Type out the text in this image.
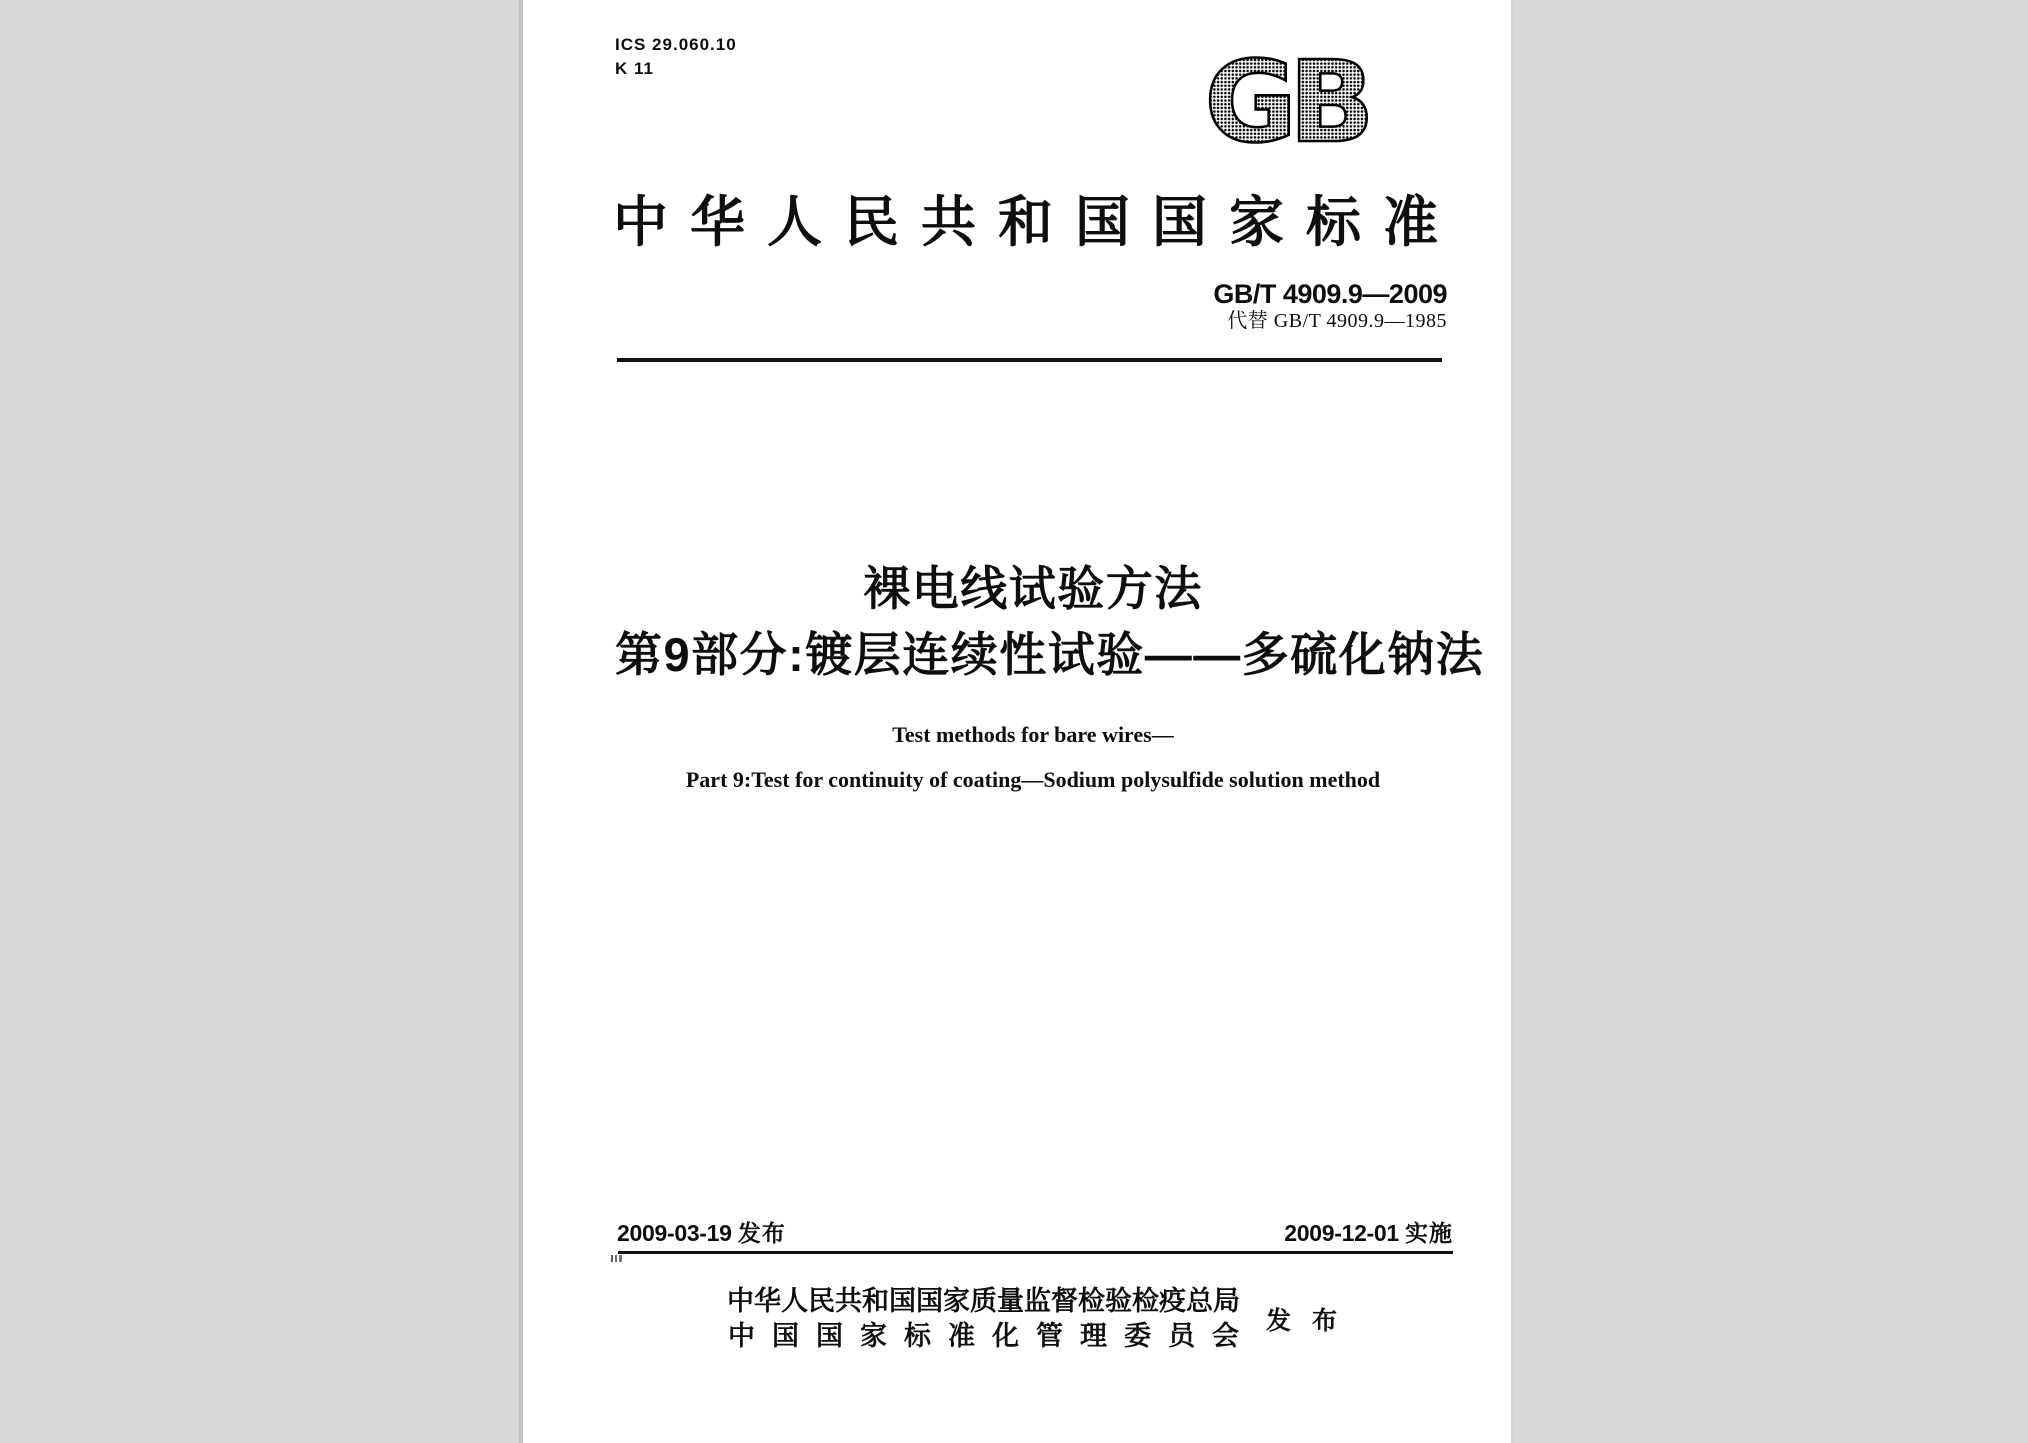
ICS 29.060.10
K 11	GB
中华人民共和国国家标准
GB/T 4909.9—2009
代替 GB/T 4909.9—1985
裸电线试验方法
第9部分:镀层连续性试验——多硫化钠法
Test methods for bare wires—
Part 9:Test for continuity of coating—Sodium polysulfide solution method
2009-03-19 发布	2009-12-01 实施
中华人民共和国国家质量监督检验检疫总局
中国国家标准化管理委员会 发 布
